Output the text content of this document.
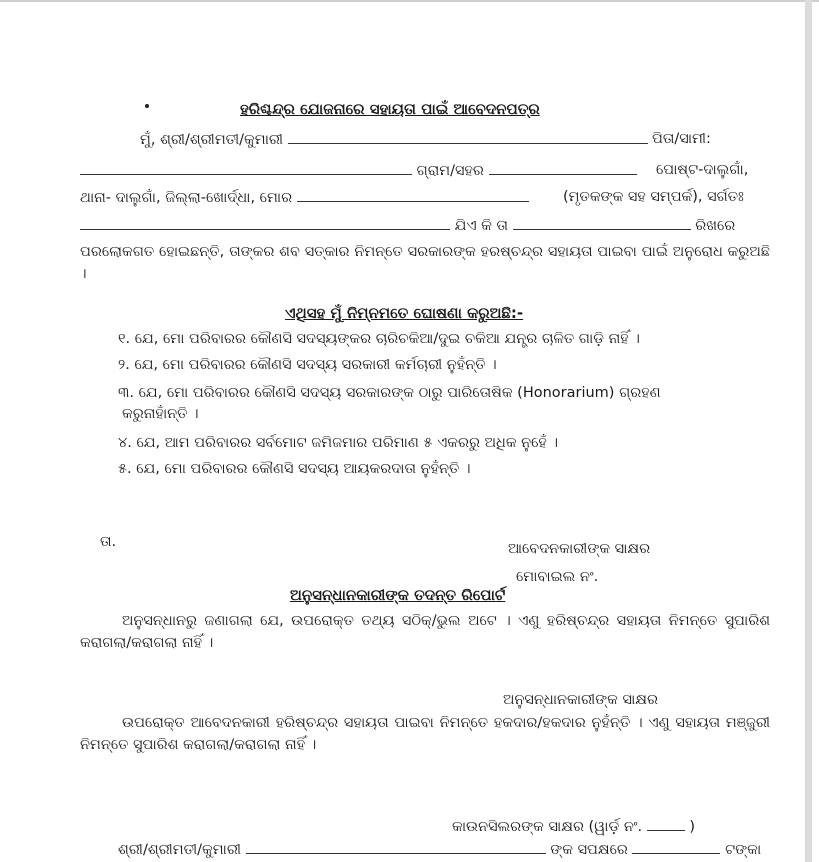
ହରିଶ୍ଚନ୍ଦ୍ର ଯୋଜନାରେ ସହାୟତା ପାଇଁ ଆବେଦନପତ୍ର
ମୁଁ, ଶ୍ରୀ/ଶ୍ରୀମତୀ/କୁମାରୀ	ପିତା/ସାମୀ:
ଗ୍ରାମ/ସହର	ପୋଷ୍ଟ-ଦାଲୁଗାଁ,
ଥାନା- ଦାଲୁଗାଁ, ଜିଲ୍ଲା-ଖୋର୍ଦ୍ଧା, ମୋର	(ମୃତକଙ୍କ ସହ ସମ୍ପର୍କ), ସର୍ଗତଃ
ଯିଏ କି ତା	ରିଖରେ
ପରଲୋକଗତ ହୋଇଛନ୍ତି, ତାଙ୍କର ଶବ ସତ୍କାର ନିମନ୍ତେ ସରକାରଙ୍କ ହରଷ୍ଚନ୍ଦ୍ର ସହାୟତା ପାଇବା ପାଇଁ ଅନୁରୋଧ କରୁଅଛି ।
ଏଥିସହ ମୁଁ ନିମ୍ନମତେ ଘୋଷଣା କରୁଅଛି:-
୧. ଯେ, ମୋ ପରିବାରର କୌଣସି ସଦସ୍ୟଙ୍କର ଚାରିଚକିଆ/ଦୁଇ ଚକିଆ ଯନ୍ତ୍ର ଚାଳିତ ଗାଡ଼ି ନାହିଁ ।
୨. ଯେ, ମୋ ପରିବାରର କୌଣସି ସଦସ୍ୟ ସରକାରୀ କର୍ମଚାରୀ ନୁହଁନ୍ତି ।
୩. ଯେ, ମୋ ପରିବାରର କୌଣସି ସଦସ୍ୟ ସରକାରଙ୍କ ଠାରୁ ପାରିତୋଷିକ (Honorarium) ଗ୍ରହଣ
କରୁନାହାଁନ୍ତି ।
୪. ଯେ, ଆମ ପରିବାରର ସର୍ବମୋଟ ଜମିଜମାର ପରିମାଣ ୫ ଏକରରୁ ଅଧିକ ନୁହେଁ ।
୫. ଯେ, ମୋ ପରିବାରର କୌଣସି ସଦସ୍ୟ ଆୟକରଦାତା ନୁହଁନ୍ତି ।
ତା.	ଆବେଦନକାରୀଙ୍କ ସାକ୍ଷର
ମୋବାଇଲ ନଂ.
ଅନୁସନ୍ଧାନକାରୀଙ୍କ ତଦନ୍ତ ରିପୋର୍ଟ
ଅନୁସନ୍ଧାନରୁ ଜଣାଗଲା ଯେ, ଉପରୋକ୍ତ ତଥ୍ୟ ସଠିକ୍/ଭୁଲ ଅଟେ । ଏଣୁ ହରିଷ୍ଚନ୍ଦ୍ର ସହାୟତା ନିମନ୍ତେ ସୁପାରିଶ କରାଗଲା/କରାଗଲା ନାହିଁ ।
ଅନୁସନ୍ଧାନକାରୀଙ୍କ ସାକ୍ଷର
ଉପରୋକ୍ତ ଆବେଦନକାରୀ ହରିଷ୍ଚନ୍ଦ୍ର ସହାୟତା ପାଇବା ନିମନ୍ତେ ହକଦାର/ହକଦାର ନୁହଁନ୍ତି । ଏଣୁ ସହାୟତା ମଞ୍ଜୁରୀ ନିମନ୍ତେ ସୁପାରିଶ କରାଗଲା/କରାଗଲା ନାହିଁ ।
କାଉନସିଲରଙ୍କ ସାକ୍ଷର (ୱାର୍ଡ଼ ନଂ.	)
ଶ୍ରୀ/ଶ୍ରୀମତୀ/କୁମାରୀ	ଙ୍କ ସପକ୍ଷରେ	ଟଙ୍କା
